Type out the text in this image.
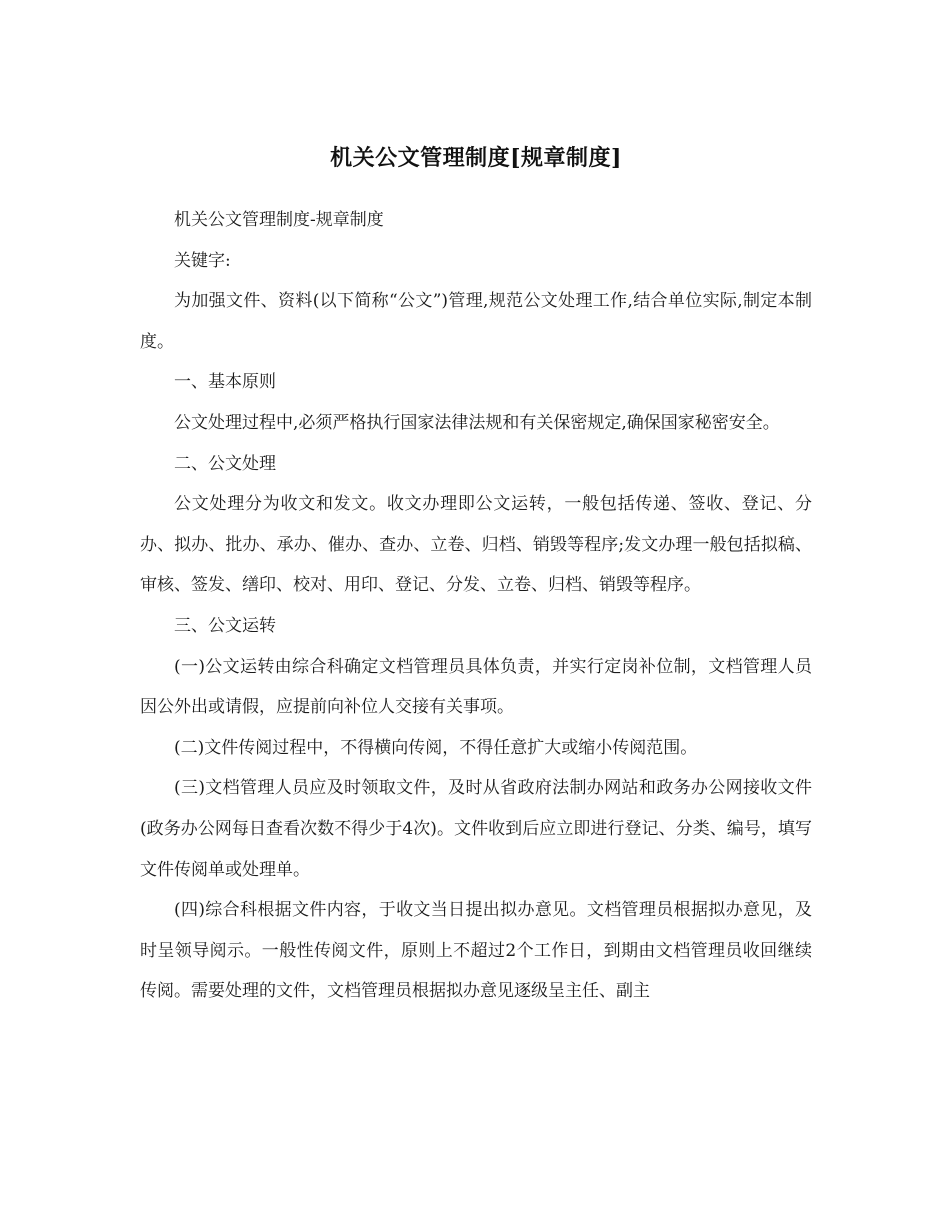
机关公文管理制度[规章制度]

机关公文管理制度-规章制度

关键字:

为加强文件、资料(以下简称“公文”)管理,规范公文处理工作,结合单位实际,制定本制度。

一、基本原则

公文处理过程中,必须严格执行国家法律法规和有关保密规定,确保国家秘密安全。

二、公文处理

公文处理分为收文和发文。收文办理即公文运转，一般包括传递、签收、登记、分办、拟办、批办、承办、催办、查办、立卷、归档、销毁等程序;发文办理一般包括拟稿、审核、签发、缮印、校对、用印、登记、分发、立卷、归档、销毁等程序。

三、公文运转

(一)公文运转由综合科确定文档管理员具体负责，并实行定岗补位制，文档管理人员因公外出或请假，应提前向补位人交接有关事项。

(二)文件传阅过程中，不得横向传阅，不得任意扩大或缩小传阅范围。

(三)文档管理人员应及时领取文件，及时从省政府法制办网站和政务办公网接收文件(政务办公网每日查看次数不得少于4次)。文件收到后应立即进行登记、分类、编号，填写文件传阅单或处理单。

(四)综合科根据文件内容，于收文当日提出拟办意见。文档管理员根据拟办意见，及时呈领导阅示。一般性传阅文件，原则上不超过2个工作日，到期由文档管理员收回继续传阅。需要处理的文件，文档管理员根据拟办意见逐级呈主任、副主
